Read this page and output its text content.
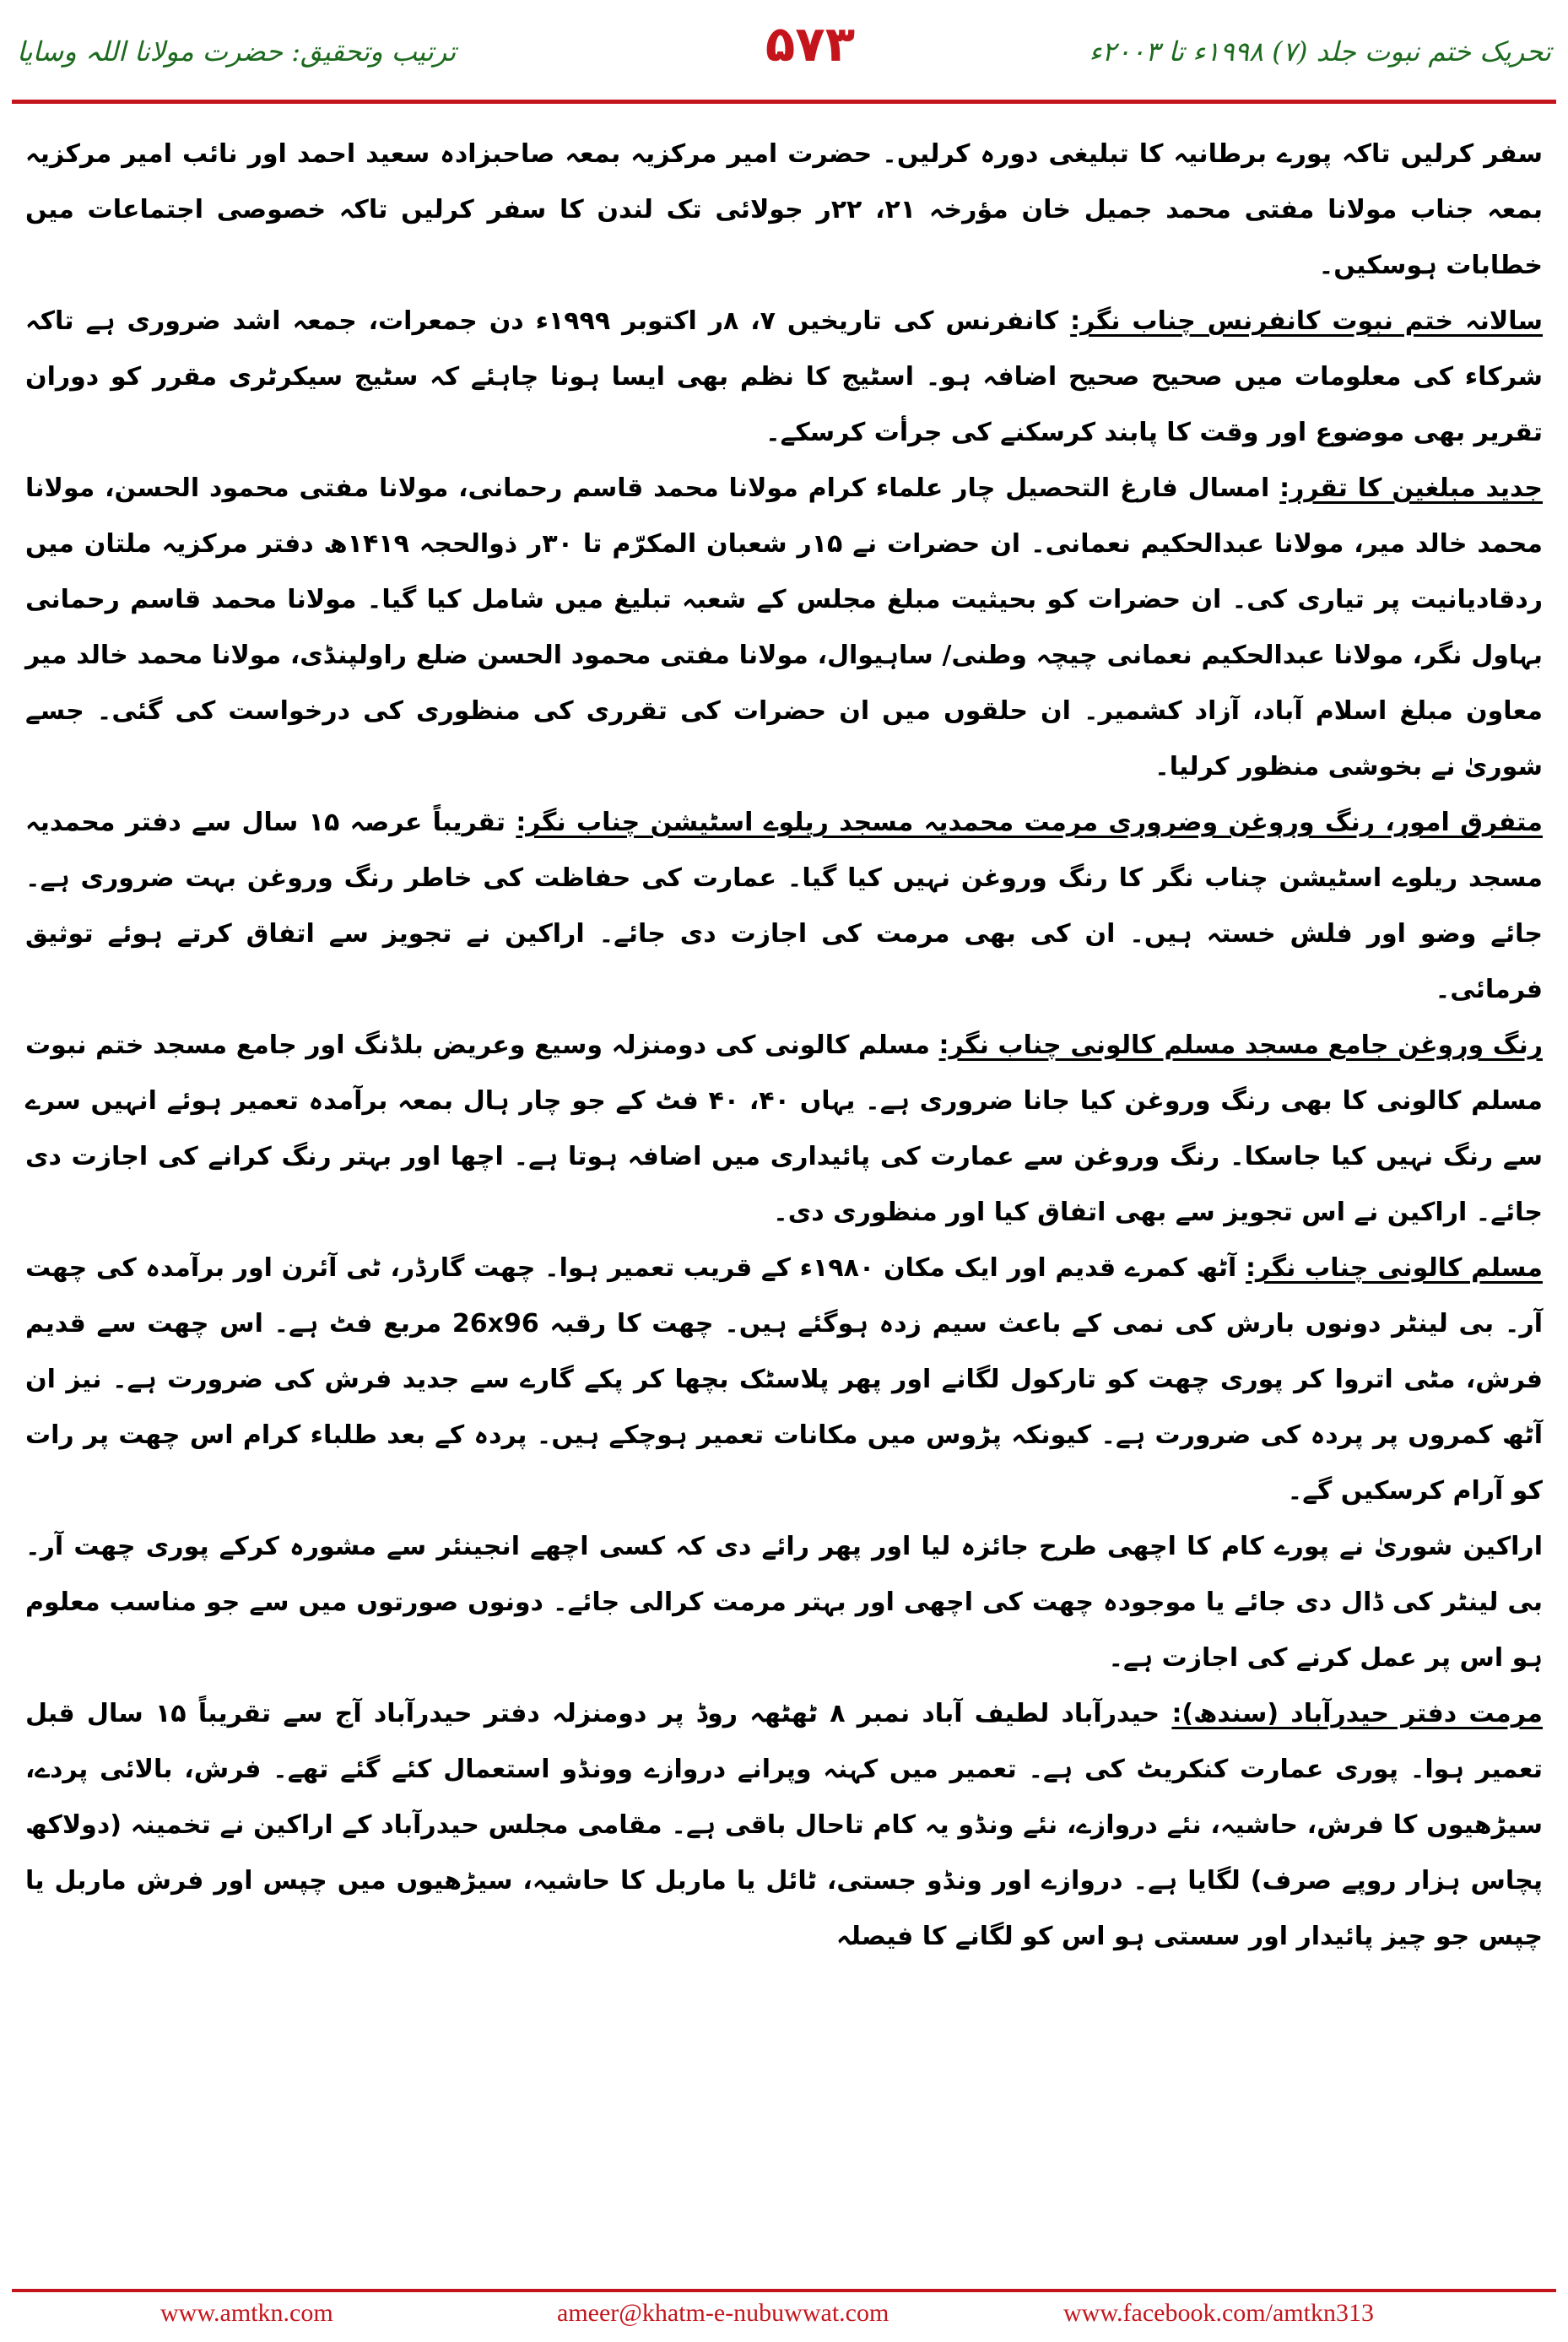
ترتیب وتحقیق: حضرت مولانا اللہ وسایا	۵۷۳	تحریک ختم نبوت جلد (۷) ۱۹۹۸ء تا ۲۰۰۳ء

سفر کرلیں تاکہ پورے برطانیہ کا تبلیغی دورہ کرلیں۔ حضرت امیر مرکزیہ بمعہ صاحبزادہ سعید احمد اور نائب امیر مرکزیہ بمعہ جناب مولانا مفتی محمد جمیل خان مؤرخہ ۲۱، ۲۲ر جولائی تک لندن کا سفر کرلیں تاکہ خصوصی اجتماعات میں خطابات ہوسکیں۔

سالانہ ختم نبوت کانفرنس چناب نگر: کانفرنس کی تاریخیں ۷، ۸ر اکتوبر ۱۹۹۹ء دن جمعرات، جمعہ اشد ضروری ہے تاکہ شرکاء کی معلومات میں صحیح صحیح اضافہ ہو۔ اسٹیج کا نظم بھی ایسا ہونا چاہئے کہ سٹیج سیکرٹری مقرر کو دوران تقریر بھی موضوع اور وقت کا پابند کرسکنے کی جرأت کرسکے۔

جدید مبلغین کا تقرر: امسال فارغ التحصیل چار علماء کرام مولانا محمد قاسم رحمانی، مولانا مفتی محمود الحسن، مولانا محمد خالد میر، مولانا عبدالحکیم نعمانی۔ ان حضرات نے ۱۵ر شعبان المکرّم تا ۳۰ر ذوالحجہ ۱۴۱۹ھ دفتر مرکزیہ ملتان میں ردقادیانیت پر تیاری کی۔ ان حضرات کو بحیثیت مبلغ مجلس کے شعبہ تبلیغ میں شامل کیا گیا۔ مولانا محمد قاسم رحمانی بہاول نگر، مولانا عبدالحکیم نعمانی چیچہ وطنی/ ساہیوال، مولانا مفتی محمود الحسن ضلع راولپنڈی، مولانا محمد خالد میر معاون مبلغ اسلام آباد، آزاد کشمیر۔ ان حلقوں میں ان حضرات کی تقرری کی منظوری کی درخواست کی گئی۔ جسے شوریٰ نے بخوشی منظور کرلیا۔

متفرق امور، رنگ وروغن وضروری مرمت محمدیہ مسجد ریلوے اسٹیشن چناب نگر: تقریباً عرصہ ۱۵ سال سے دفتر محمدیہ مسجد ریلوے اسٹیشن چناب نگر کا رنگ وروغن نہیں کیا گیا۔ عمارت کی حفاظت کی خاطر رنگ وروغن بہت ضروری ہے۔ جائے وضو اور فلش خستہ ہیں۔ ان کی بھی مرمت کی اجازت دی جائے۔ اراکین نے تجویز سے اتفاق کرتے ہوئے توثیق فرمائی۔

رنگ وروغن جامع مسجد مسلم کالونی چناب نگر: مسلم کالونی کی دومنزلہ وسیع وعریض بلڈنگ اور جامع مسجد ختم نبوت مسلم کالونی کا بھی رنگ وروغن کیا جانا ضروری ہے۔ یہاں ۴۰، ۴۰ فٹ کے جو چار ہال بمعہ برآمدہ تعمیر ہوئے انہیں سرے سے رنگ نہیں کیا جاسکا۔ رنگ وروغن سے عمارت کی پائیداری میں اضافہ ہوتا ہے۔ اچھا اور بہتر رنگ کرانے کی اجازت دی جائے۔ اراکین نے اس تجویز سے بھی اتفاق کیا اور منظوری دی۔

مسلم کالونی چناب نگر: آٹھ کمرے قدیم اور ایک مکان ۱۹۸۰ء کے قریب تعمیر ہوا۔ چھت گارڈر، ٹی آئرن اور برآمدہ کی چھت آر۔ بی لینٹر دونوں بارش کی نمی کے باعث سیم زدہ ہوگئے ہیں۔ چھت کا رقبہ 26x96 مربع فٹ ہے۔ اس چھت سے قدیم فرش، مٹی اتروا کر پوری چھت کو تارکول لگانے اور پھر پلاسٹک بچھا کر پکے گارے سے جدید فرش کی ضرورت ہے۔ نیز ان آٹھ کمروں پر پردہ کی ضرورت ہے۔ کیونکہ پڑوس میں مکانات تعمیر ہوچکے ہیں۔ پردہ کے بعد طلباء کرام اس چھت پر رات کو آرام کرسکیں گے۔

اراکین شوریٰ نے پورے کام کا اچھی طرح جائزہ لیا اور پھر رائے دی کہ کسی اچھے انجینئر سے مشورہ کرکے پوری چھت آر۔ بی لینٹر کی ڈال دی جائے یا موجودہ چھت کی اچھی اور بہتر مرمت کرالی جائے۔ دونوں صورتوں میں سے جو مناسب معلوم ہو اس پر عمل کرنے کی اجازت ہے۔

مرمت دفتر حیدرآباد (سندھ): حیدرآباد لطیف آباد نمبر ۸ ٹھٹھہ روڈ پر دومنزلہ دفتر حیدرآباد آج سے تقریباً ۱۵ سال قبل تعمیر ہوا۔ پوری عمارت کنکریٹ کی ہے۔ تعمیر میں کہنہ وپرانے دروازے وونڈو استعمال کئے گئے تھے۔ فرش، بالائی پردے، سیڑھیوں کا فرش، حاشیہ، نئے دروازے، نئے ونڈو یہ کام تاحال باقی ہے۔ مقامی مجلس حیدرآباد کے اراکین نے تخمینہ (دولاکھ پچاس ہزار روپے صرف) لگایا ہے۔ دروازے اور ونڈو جستی، ٹائل یا ماربل کا حاشیہ، سیڑھیوں میں چپس اور فرش ماربل یا چپس جو چیز پائیدار اور سستی ہو اس کو لگانے کا فیصلہ

www.amtkn.com	ameer@khatm-e-nubuwwat.com	www.facebook.com/amtkn313
